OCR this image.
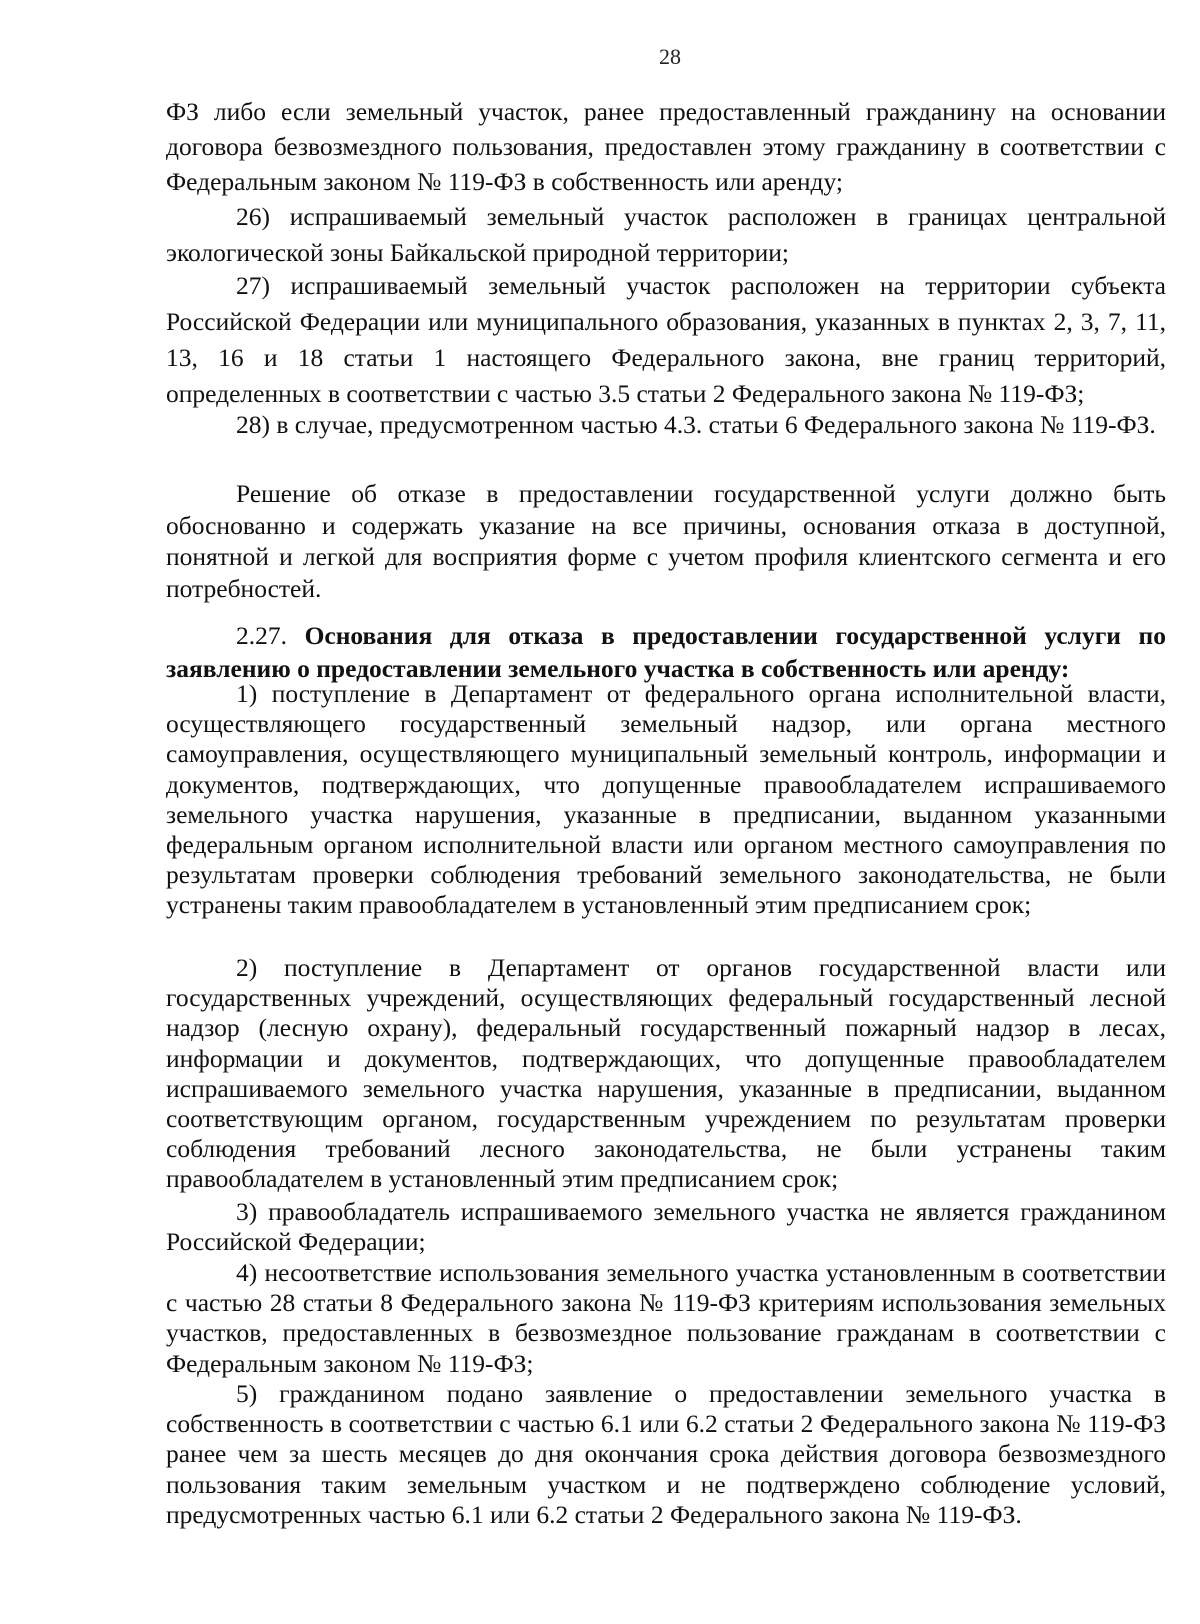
28

ФЗ либо если земельный участок, ранее предоставленный гражданину на основании договора безвозмездного пользования, предоставлен этому гражданину в соответствии с Федеральным законом № 119-ФЗ в собственность или аренду;

26) испрашиваемый земельный участок расположен в границах центральной экологической зоны Байкальской природной территории;

27) испрашиваемый земельный участок расположен на территории субъекта Российской Федерации или муниципального образования, указанных в пунктах 2, 3, 7, 11, 13, 16 и 18 статьи 1 настоящего Федерального закона, вне границ территорий, определенных в соответствии с частью 3.5 статьи 2 Федерального закона № 119-ФЗ;

28) в случае, предусмотренном частью 4.3. статьи 6 Федерального закона № 119-ФЗ.

Решение об отказе в предоставлении государственной услуги должно быть обоснованно и содержать указание на все причины, основания отказа в доступной, понятной и легкой для восприятия форме с учетом профиля клиентского сегмента и его потребностей.

2.27. Основания для отказа в предоставлении государственной услуги по заявлению о предоставлении земельного участка в собственность или аренду:

1) поступление в Департамент от федерального органа исполнительной власти, осуществляющего государственный земельный надзор, или органа местного самоуправления, осуществляющего муниципальный земельный контроль, информации и документов, подтверждающих, что допущенные правообладателем испрашиваемого земельного участка нарушения, указанные в предписании, выданном указанными федеральным органом исполнительной власти или органом местного самоуправления по результатам проверки соблюдения требований земельного законодательства, не были устранены таким правообладателем в установленный этим предписанием срок;

2) поступление в Департамент от органов государственной власти или государственных учреждений, осуществляющих федеральный государственный лесной надзор (лесную охрану), федеральный государственный пожарный надзор в лесах, информации и документов, подтверждающих, что допущенные правообладателем испрашиваемого земельного участка нарушения, указанные в предписании, выданном соответствующим органом, государственным учреждением по результатам проверки соблюдения требований лесного законодательства, не были устранены таким правообладателем в установленный этим предписанием срок;

3) правообладатель испрашиваемого земельного участка не является гражданином Российской Федерации;

4) несоответствие использования земельного участка установленным в соответствии с частью 28 статьи 8 Федерального закона № 119-ФЗ критериям использования земельных участков, предоставленных в безвозмездное пользование гражданам в соответствии с Федеральным законом № 119-ФЗ;

5) гражданином подано заявление о предоставлении земельного участка в собственность в соответствии с частью 6.1 или 6.2 статьи 2 Федерального закона № 119-ФЗ ранее чем за шесть месяцев до дня окончания срока действия договора безвозмездного пользования таким земельным участком и не подтверждено соблюдение условий, предусмотренных частью 6.1 или 6.2 статьи 2 Федерального закона № 119-ФЗ.
